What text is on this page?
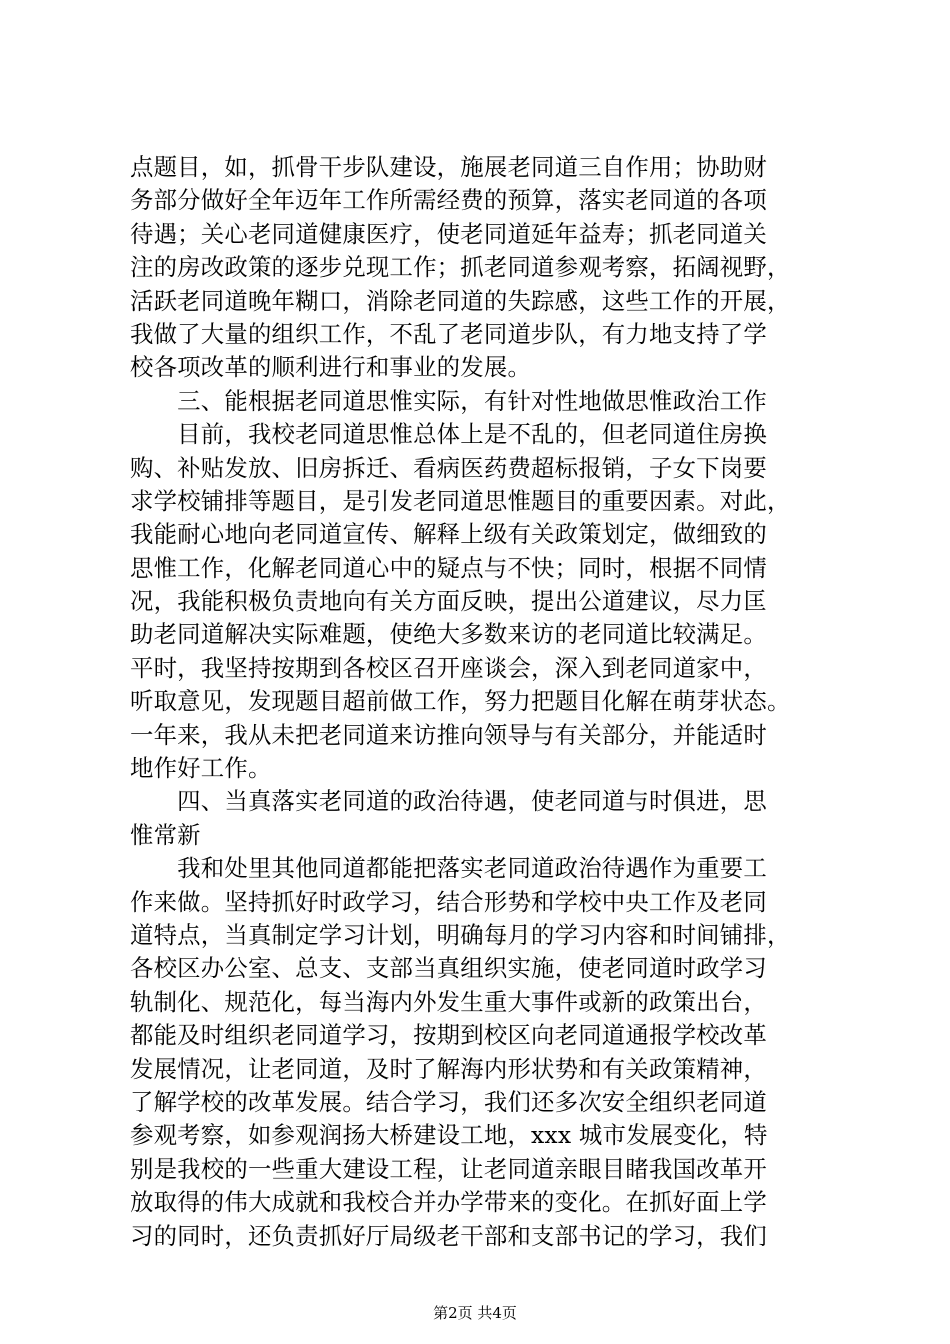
点题目，如，抓骨干步队建设，施展老同道三自作用；协助财
务部分做好全年迈年工作所需经费的预算，落实老同道的各项
待遇；关心老同道健康医疗，使老同道延年益寿；抓老同道关
注的房改政策的逐步兑现工作；抓老同道参观考察，拓阔视野，
活跃老同道晚年糊口，消除老同道的失踪感，这些工作的开展，
我做了大量的组织工作，不乱了老同道步队，有力地支持了学
校各项改革的顺利进行和事业的发展。
　　三、能根据老同道思惟实际，有针对性地做思惟政治工作
　　目前，我校老同道思惟总体上是不乱的，但老同道住房换
购、补贴发放、旧房拆迁、看病医药费超标报销，子女下岗要
求学校铺排等题目，是引发老同道思惟题目的重要因素。对此，
我能耐心地向老同道宣传、解释上级有关政策划定，做细致的
思惟工作，化解老同道心中的疑点与不快；同时，根据不同情
况，我能积极负责地向有关方面反映，提出公道建议，尽力匡
助老同道解决实际难题，使绝大多数来访的老同道比较满足。
平时，我坚持按期到各校区召开座谈会，深入到老同道家中，
听取意见，发现题目超前做工作，努力把题目化解在萌芽状态。
一年来，我从未把老同道来访推向领导与有关部分，并能适时
地作好工作。
　　四、当真落实老同道的政治待遇，使老同道与时俱进，思
惟常新
　　我和处里其他同道都能把落实老同道政治待遇作为重要工
作来做。坚持抓好时政学习，结合形势和学校中央工作及老同
道特点，当真制定学习计划，明确每月的学习内容和时间铺排，
各校区办公室、总支、支部当真组织实施，使老同道时政学习
轨制化、规范化，每当海内外发生重大事件或新的政策出台，
都能及时组织老同道学习，按期到校区向老同道通报学校改革
发展情况，让老同道，及时了解海内形状势和有关政策精神，
了解学校的改革发展。结合学习，我们还多次安全组织老同道
参观考察，如参观润扬大桥建设工地，xxx 城市发展变化，特
别是我校的一些重大建设工程，让老同道亲眼目睹我国改革开
放取得的伟大成就和我校合并办学带来的变化。在抓好面上学
习的同时，还负责抓好厅局级老干部和支部书记的学习，我们
第2页 共4页
